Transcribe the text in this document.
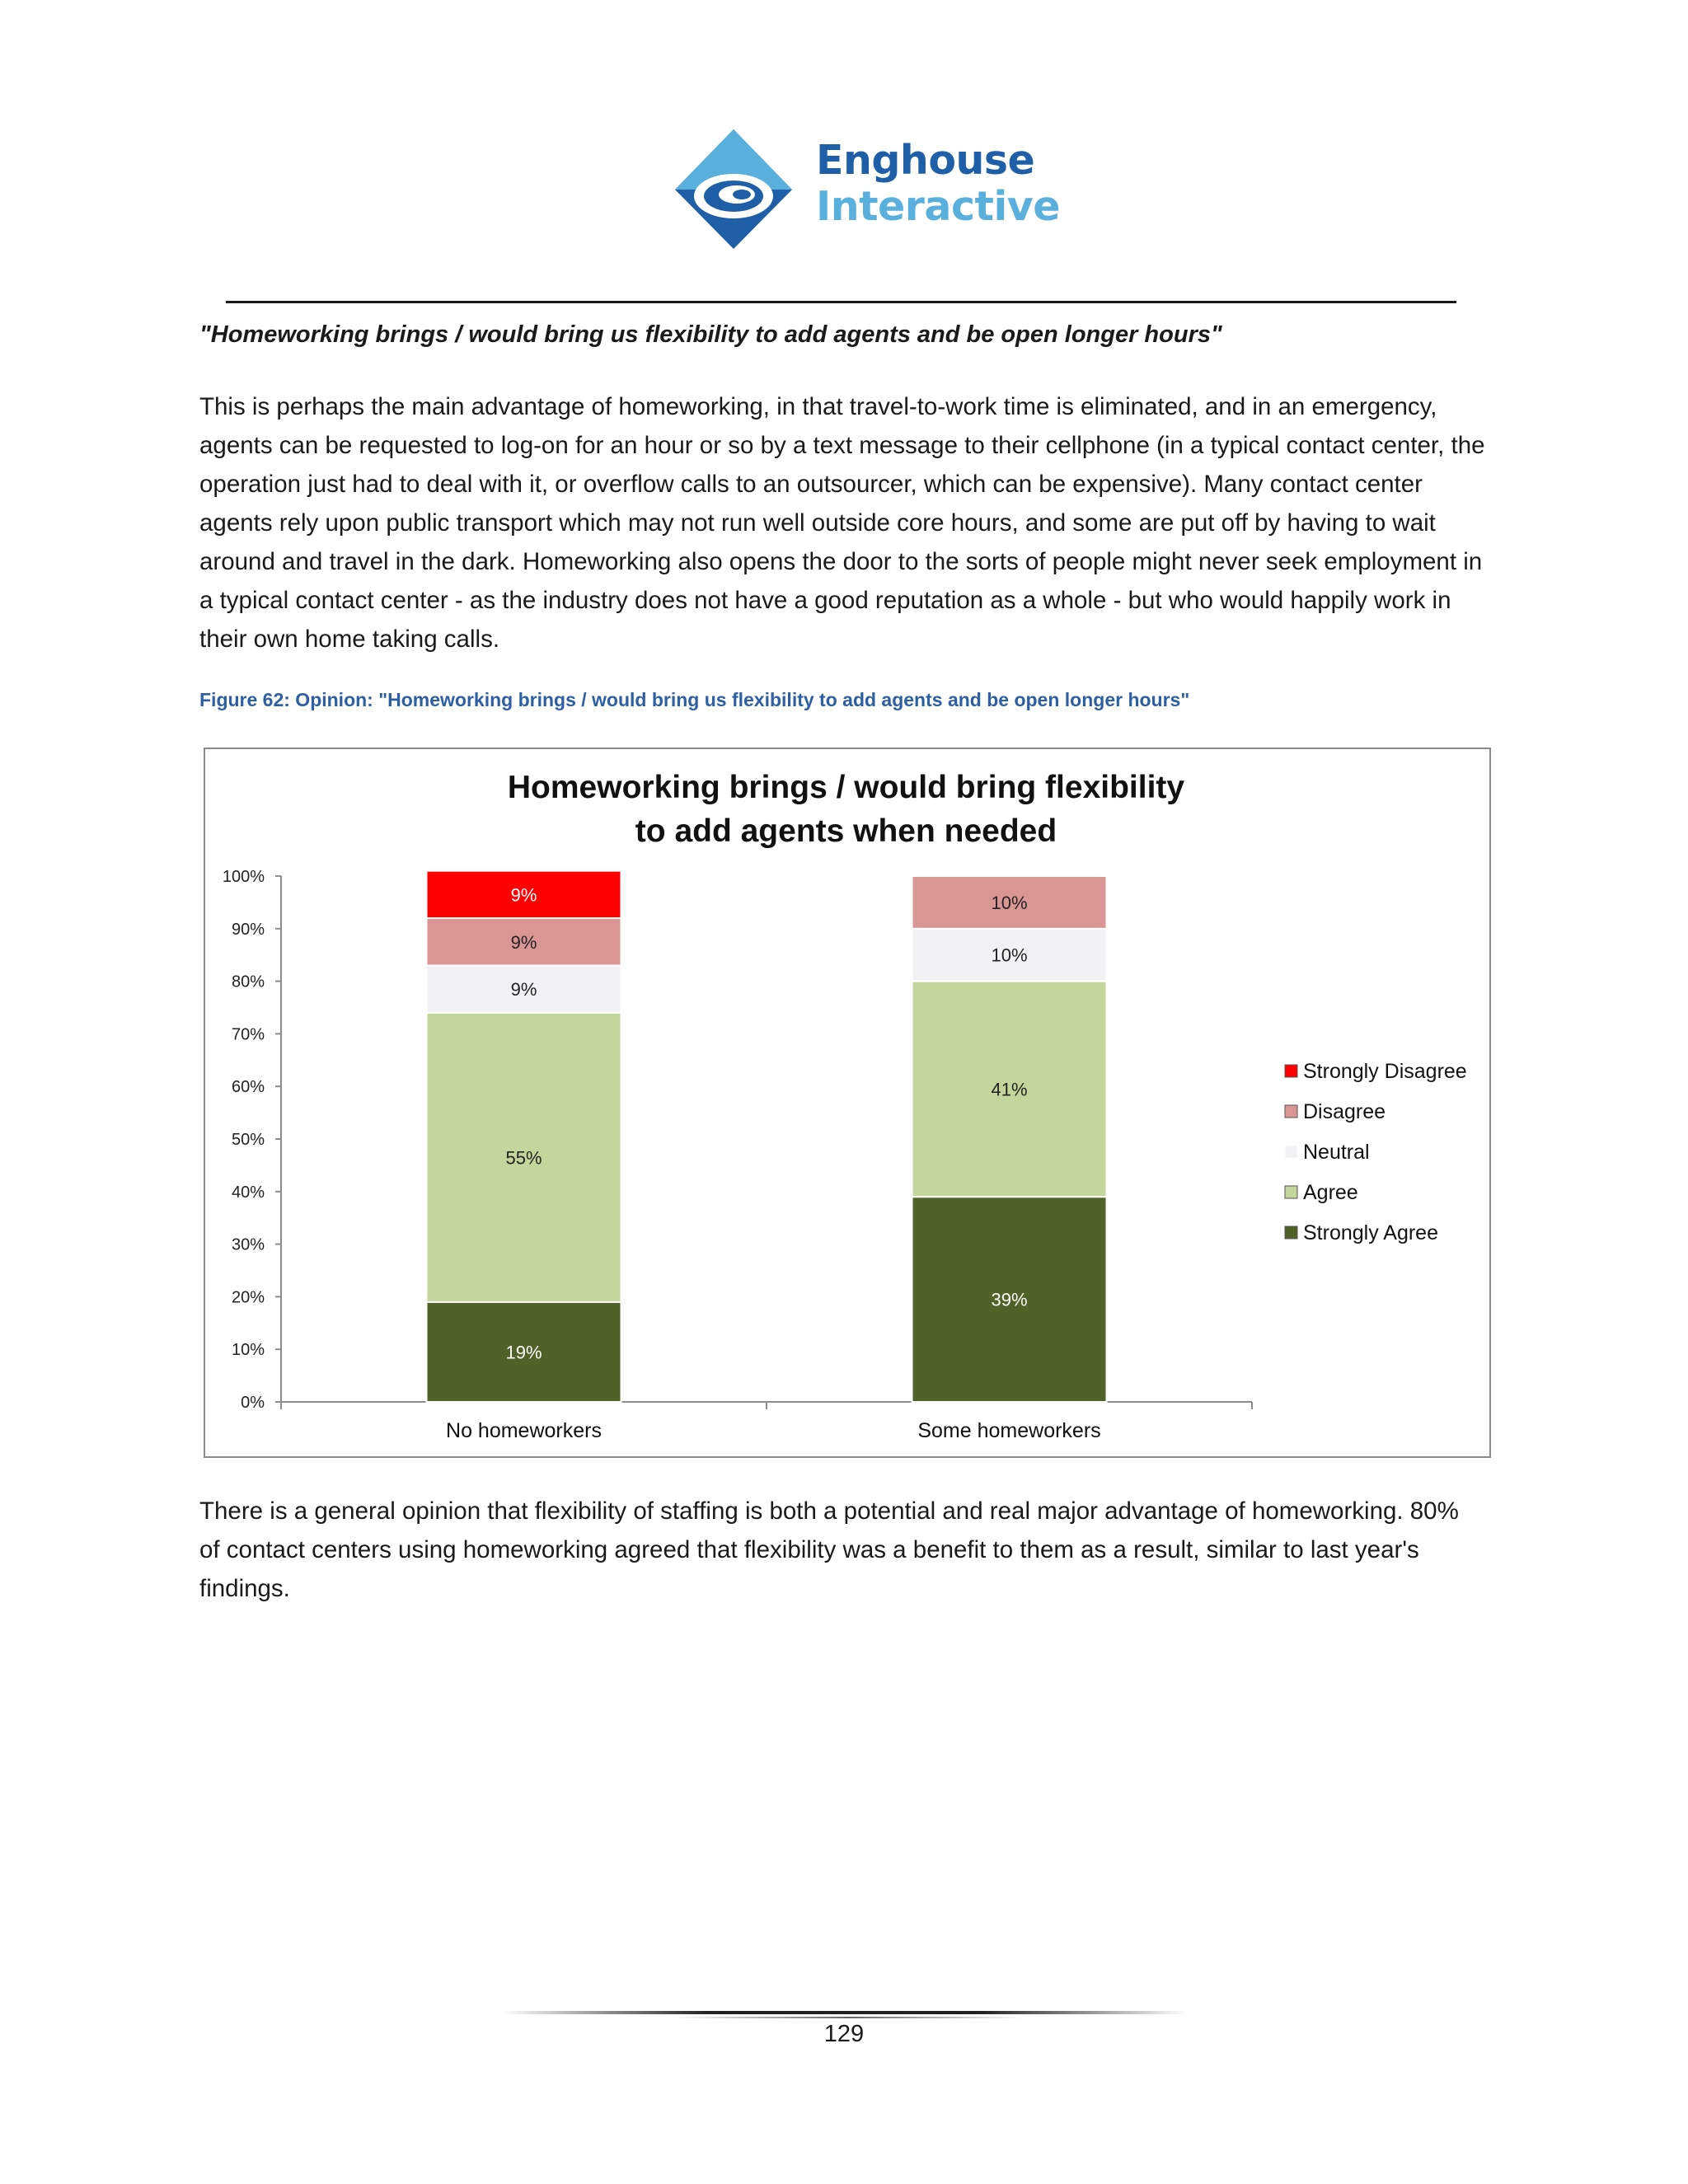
Enghouse
Interactive
"Homeworking brings / would bring us flexibility to add agents and be open longer hours"
This is perhaps the main advantage of homeworking, in that travel-to-work time is eliminated, and in an emergency, agents can be requested to log-on for an hour or so by a text message to their cellphone (in a typical contact center, the operation just had to deal with it, or overflow calls to an outsourcer, which can be expensive). Many contact center agents rely upon public transport which may not run well outside core hours, and some are put off by having to wait around and travel in the dark. Homeworking also opens the door to the sorts of people might never seek employment in a typical contact center - as the industry does not have a good reputation as a whole - but who would happily work in their own home taking calls.
Figure 62: Opinion: "Homeworking brings / would bring us flexibility to add agents and be open longer hours"
Homeworking brings / would bring flexibility
to add agents when needed
0%
10%
20%
30%
40%
50%
60%
70%
80%
90%
100%
19%
55%
9%
9%
9%
No homeworkers
39%
41%
10%
10%
Some homeworkers
Strongly Disagree
Disagree
Neutral
Agree
Strongly Agree
There is a general opinion that flexibility of staffing is both a potential and real major advantage of homeworking. 80% of contact centers using homeworking agreed that flexibility was a benefit to them as a result, similar to last year's findings.
129
